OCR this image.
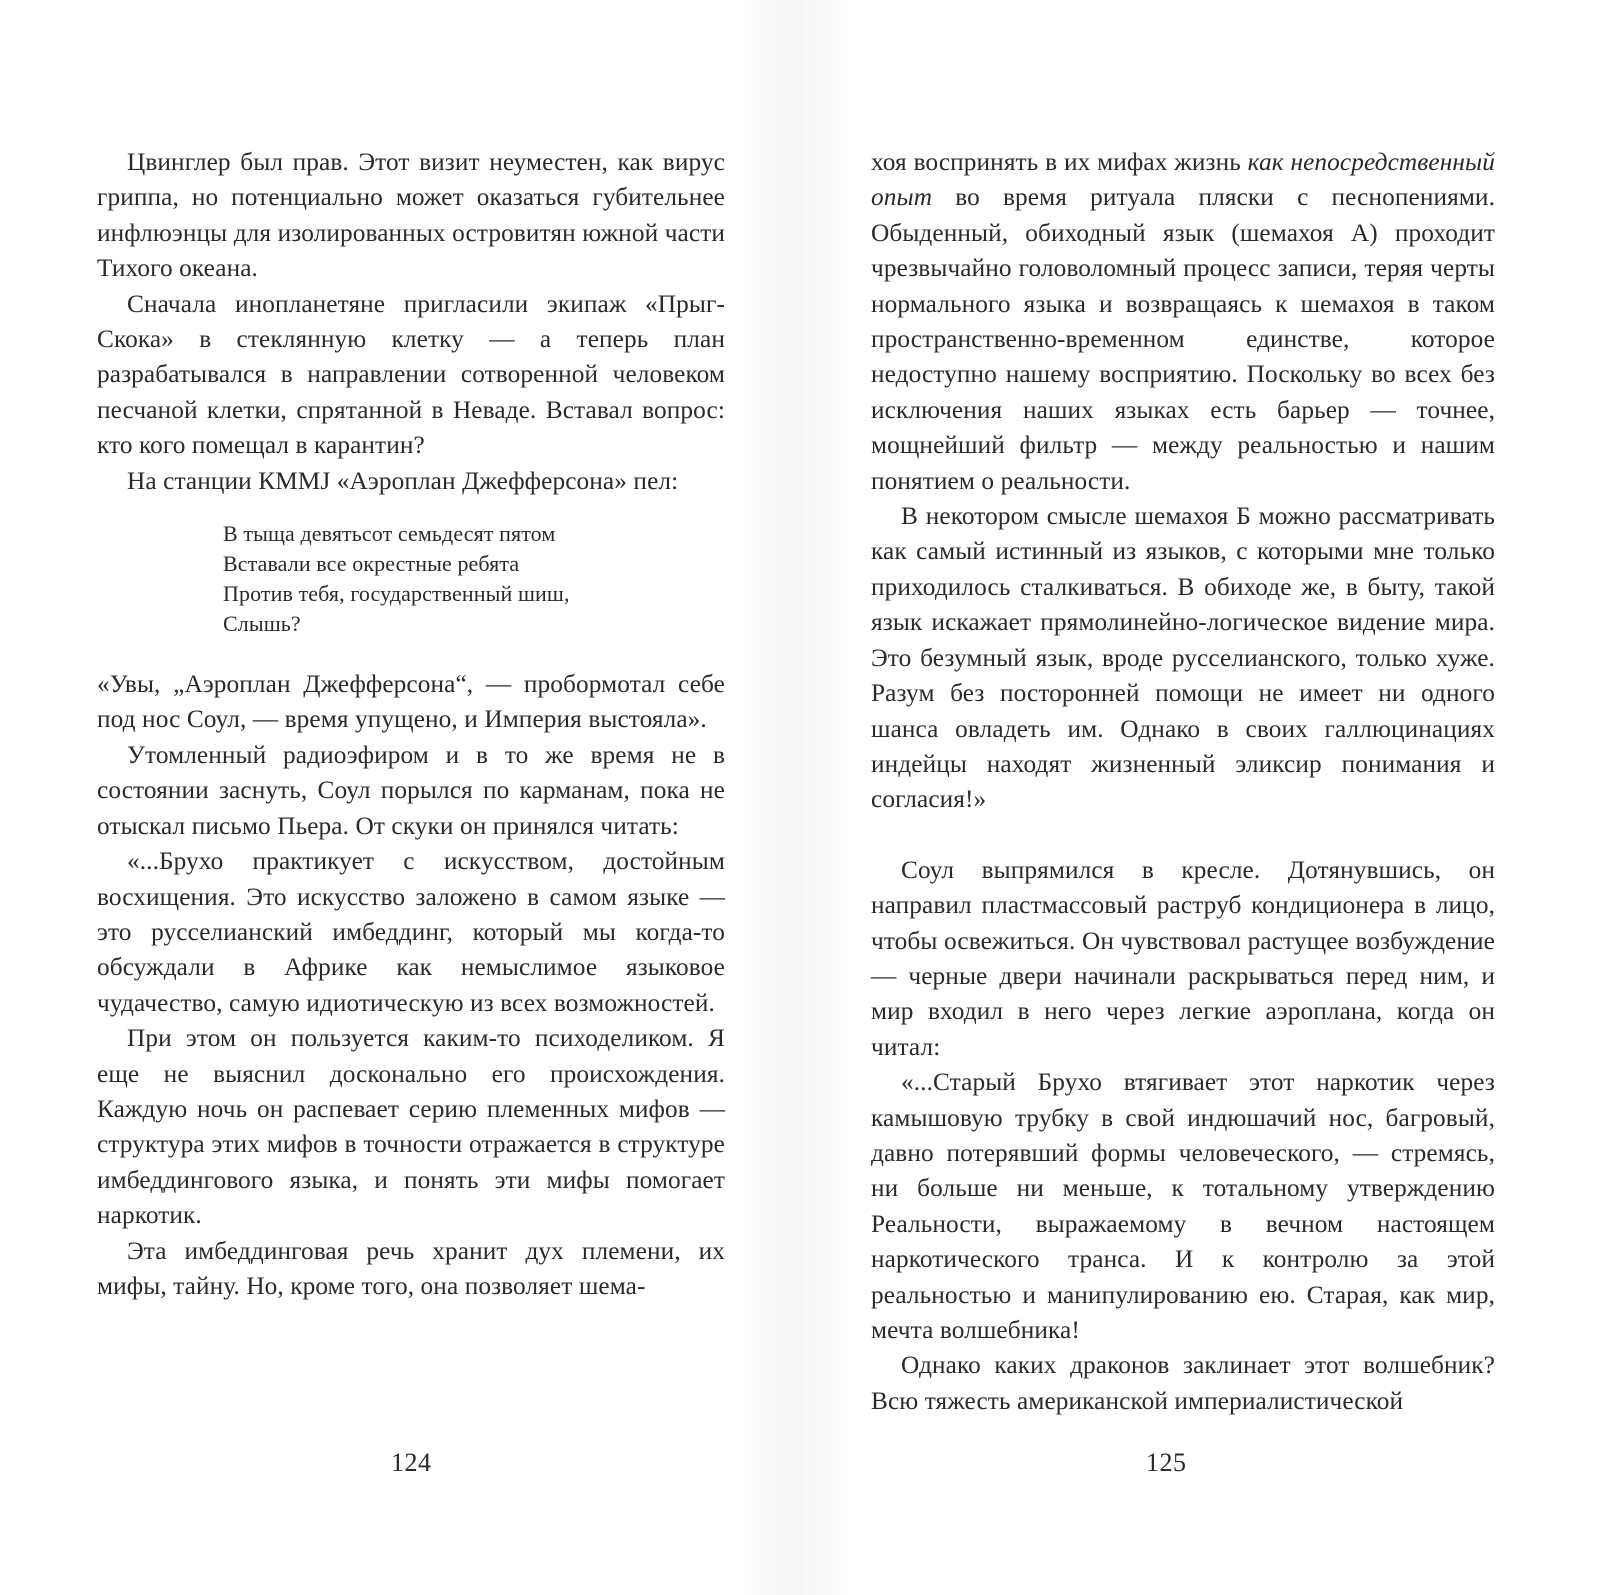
Цвинглер был прав. Этот визит неуместен, как вирус гриппа, но потенциально может оказаться губительнее инфлюэнцы для изолированных островитян южной части Тихого океана.

Сначала инопланетяне пригласили экипаж «Прыг-Скока» в стеклянную клетку — а теперь план разрабатывался в направлении сотворенной человеком песчаной клетки, спрятанной в Неваде. Вставал вопрос: кто кого помещал в карантин?

На станции КММJ «Аэроплан Джефферсона» пел:

В тыща девятьсот семьдесят пятом
Вставали все окрестные ребята
Против тебя, государственный шиш,
Слышь?

«Увы, „Аэроплан Джефферсона“, — пробормотал себе под нос Соул, — время упущено, и Империя выстояла».

Утомленный радиоэфиром и в то же время не в состоянии заснуть, Соул порылся по карманам, пока не отыскал письмо Пьера. От скуки он принялся читать:

«...Брухо практикует с искусством, достойным восхищения. Это искусство заложено в самом языке — это русселианский имбеддинг, который мы когда-то обсуждали в Африке как немыслимое языковое чудачество, самую идиотическую из всех возможностей.

При этом он пользуется каким-то психоделиком. Я еще не выяснил досконально его происхождения. Каждую ночь он распевает серию племенных мифов — структура этих мифов в точности отражается в структуре имбеддингового языка, и понять эти мифы помогает наркотик.

Эта имбеддинговая речь хранит дух племени, их мифы, тайну. Но, кроме того, она позволяет шема-

124

хоя воспринять в их мифах жизнь как непосредственный опыт во время ритуала пляски с песнопениями. Обыденный, обиходный язык (шемахоя А) проходит чрезвычайно головоломный процесс записи, теряя черты нормального языка и возвращаясь к шемахоя в таком пространственно-временном единстве, которое недоступно нашему восприятию. Поскольку во всех без исключения наших языках есть барьер — точнее, мощнейший фильтр — между реальностью и нашим понятием о реальности.

В некотором смысле шемахоя Б можно рассматривать как самый истинный из языков, с которыми мне только приходилось сталкиваться. В обиходе же, в быту, такой язык искажает прямолинейно-логическое видение мира. Это безумный язык, вроде русселианского, только хуже. Разум без посторонней помощи не имеет ни одного шанса овладеть им. Однако в своих галлюцинациях индейцы находят жизненный эликсир понимания и согласия!»

Соул выпрямился в кресле. Дотянувшись, он направил пластмассовый раструб кондиционера в лицо, чтобы освежиться. Он чувствовал растущее возбуждение — черные двери начинали раскрываться перед ним, и мир входил в него через легкие аэроплана, когда он читал:

«...Старый Брухо втягивает этот наркотик через камышовую трубку в свой индюшачий нос, багровый, давно потерявший формы человеческого, — стремясь, ни больше ни меньше, к тотальному утверждению Реальности, выражаемому в вечном настоящем наркотического транса. И к контролю за этой реальностью и манипулированию ею. Старая, как мир, мечта волшебника!

Однако каких драконов заклинает этот волшебник? Всю тяжесть американской империалистической

125
